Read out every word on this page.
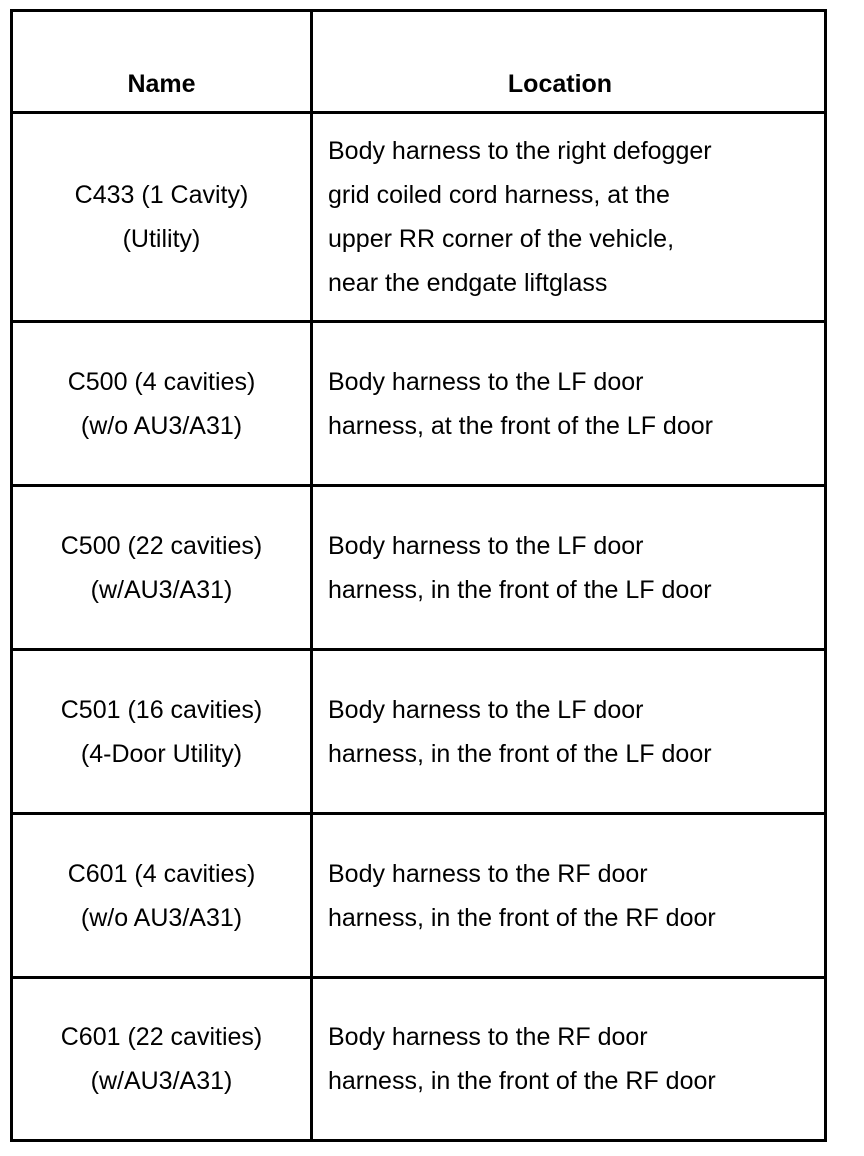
Name	Location
C433 (1 Cavity)
(Utility)
Body harness to the right defogger
grid coiled cord harness, at the
upper RR corner of the vehicle,
near the endgate liftglass
C500 (4 cavities)
(w/o AU3/A31)
Body harness to the LF door
harness, at the front of the LF door
C500 (22 cavities)
(w/AU3/A31)
Body harness to the LF door
harness, in the front of the LF door
C501 (16 cavities)
(4-Door Utility)
Body harness to the LF door
harness, in the front of the LF door
C601 (4 cavities)
(w/o AU3/A31)
Body harness to the RF door
harness, in the front of the RF door
C601 (22 cavities)
(w/AU3/A31)
Body harness to the RF door
harness, in the front of the RF door
